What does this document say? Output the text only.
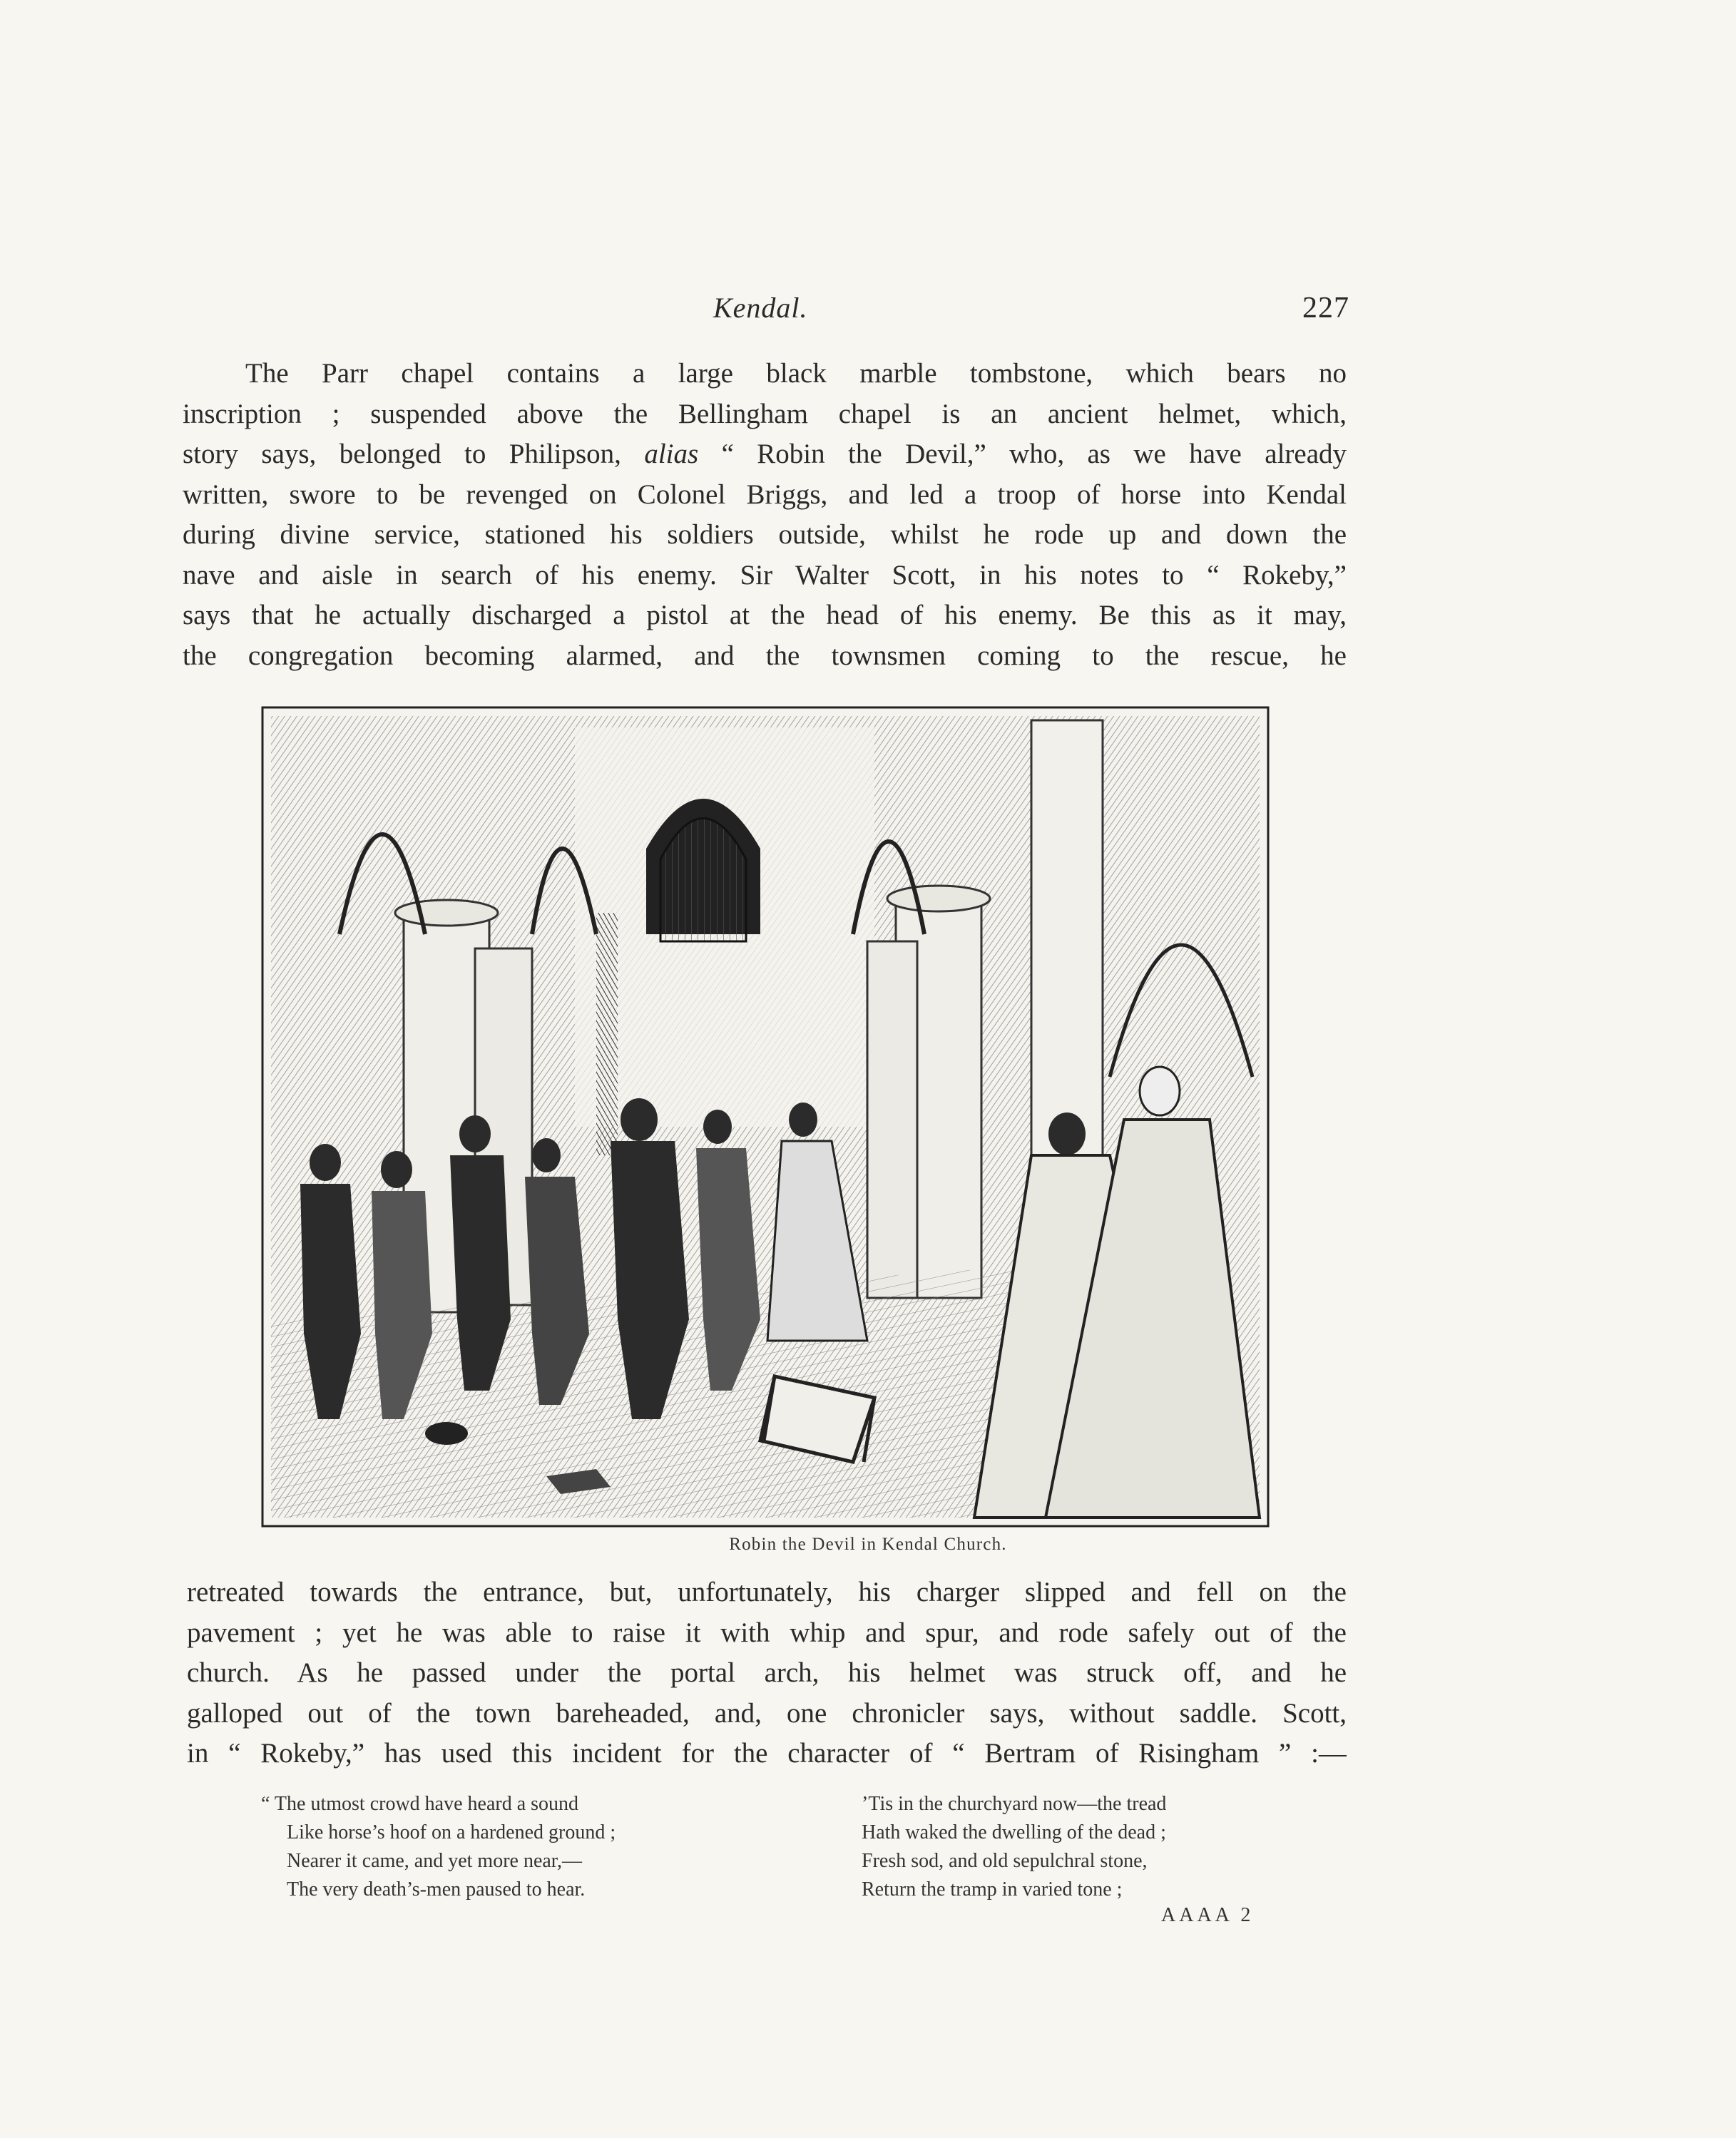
Kendal.	227
The Parr chapel contains a large black marble tombstone, which bears no
inscription ; suspended above the Bellingham chapel is an ancient helmet, which,
story says, belonged to Philipson, alias “ Robin the Devil,” who, as we have already
written, swore to be revenged on Colonel Briggs, and led a troop of horse into Kendal
during divine service, stationed his soldiers outside, whilst he rode up and down the
nave and aisle in search of his enemy. Sir Walter Scott, in his notes to “ Rokeby,”
says that he actually discharged a pistol at the head of his enemy. Be this as it may,
the congregation becoming alarmed, and the townsmen coming to the rescue, he
Robin the Devil in Kendal Church.
retreated towards the entrance, but, unfortunately, his charger slipped and fell on the
pavement ; yet he was able to raise it with whip and spur, and rode safely out of the
church. As he passed under the portal arch, his helmet was struck off, and he
galloped out of the town bareheaded, and, one chronicler says, without saddle. Scott,
in “ Rokeby,” has used this incident for the character of “ Bertram of Risingham ” :—
“ The utmost crowd have heard a sound
Like horse’s hoof on a hardened ground ;
Nearer it came, and yet more near,—
The very death’s-men paused to hear.
’Tis in the churchyard now—the tread
Hath waked the dwelling of the dead ;
Fresh sod, and old sepulchral stone,
Return the tramp in varied tone ;
AAAA 2
